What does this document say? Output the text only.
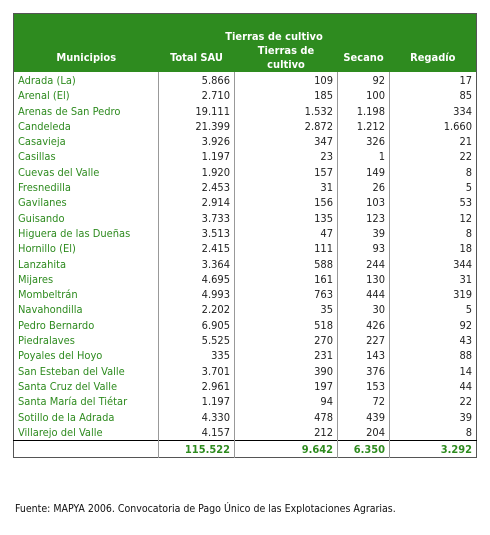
	Tierras de cultivo			
Municipios	Total SAU	Tierras de cultivo	Secano	Regadío
Adrada (La)	5.866	109	92	17
Arenal (El)	2.710	185	100	85
Arenas de San Pedro	19.111	1.532	1.198	334
Candeleda	21.399	2.872	1.212	1.660
Casavieja	3.926	347	326	21
Casillas	1.197	23	1	22
Cuevas del Valle	1.920	157	149	8
Fresnedilla	2.453	31	26	5
Gavilanes	2.914	156	103	53
Guisando	3.733	135	123	12
Higuera de las Dueñas	3.513	47	39	8
Hornillo (El)	2.415	111	93	18
Lanzahita	3.364	588	244	344
Mijares	4.695	161	130	31
Mombeltrán	4.993	763	444	319
Navahondilla	2.202	35	30	5
Pedro Bernardo	6.905	518	426	92
Piedralaves	5.525	270	227	43
Poyales del Hoyo	335	231	143	88
San Esteban del Valle	3.701	390	376	14
Santa Cruz del Valle	2.961	197	153	44
Santa María del Tiétar	1.197	94	72	22
Sotillo de la Adrada	4.330	478	439	39
Villarejo del Valle	4.157	212	204	8
	115.522	9.642	6.350	3.292
Fuente: MAPYA 2006. Convocatoria de Pago Único de las Explotaciones Agrarias.
